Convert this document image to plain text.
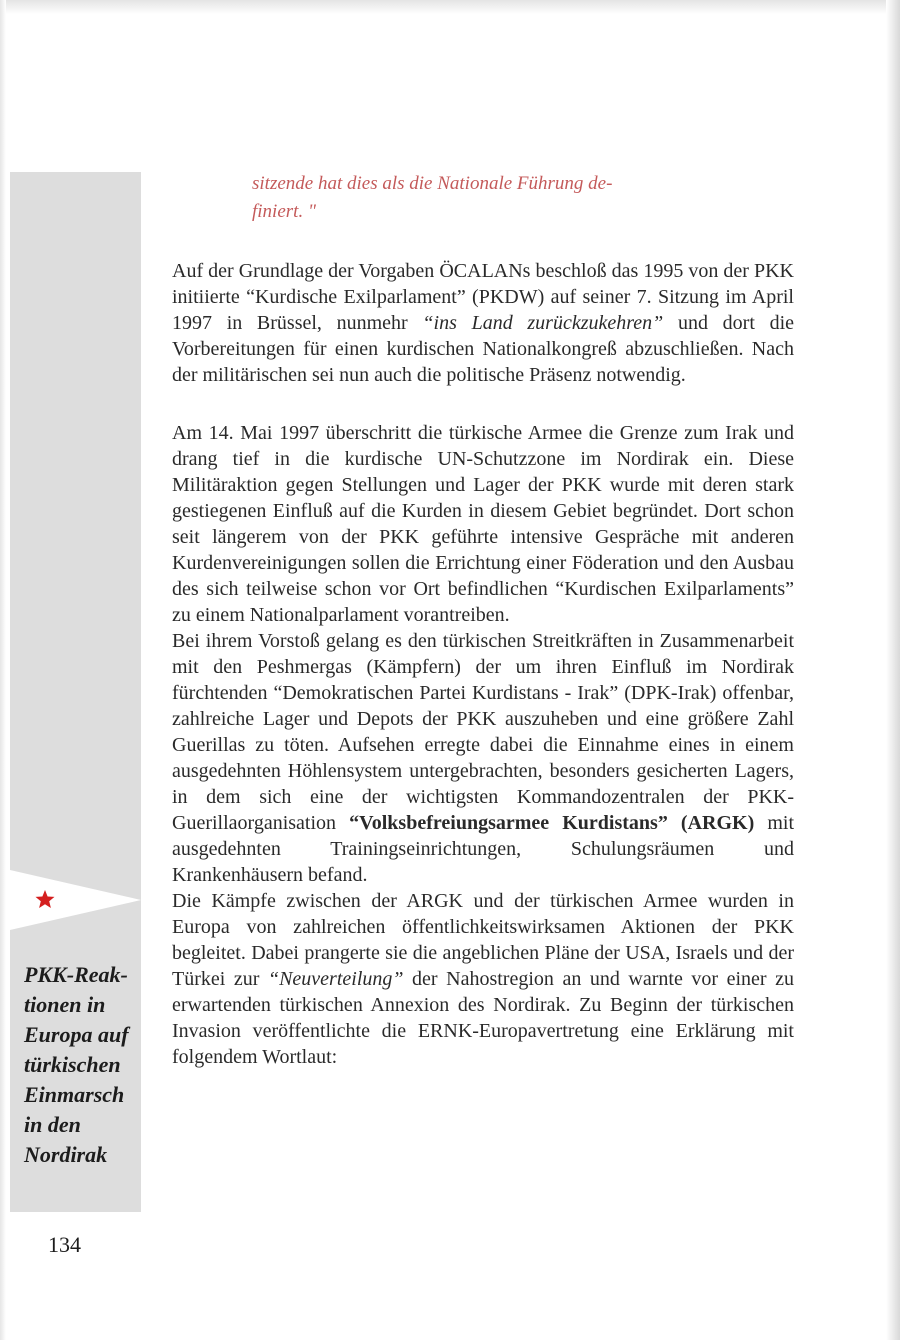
PKK-Reak-
tionen in
Europa auf
türkischen
Einmarsch
in den
Nordirak

sitzende hat dies als die Nationale Führung de-
finiert. "

Auf der Grundlage der Vorgaben ÖCALANs beschloß das 1995 von der PKK initiierte “Kurdische Exilparlament” (PKDW) auf seiner 7. Sitzung im April 1997 in Brüssel, nunmehr “ins Land zurückzukehren” und dort die Vorbereitungen für einen kurdischen Nationalkongreß abzuschließen. Nach der militärischen sei nun auch die politische Präsenz notwendig.

Am 14. Mai 1997 überschritt die türkische Armee die Grenze zum Irak und drang tief in die kurdische UN-Schutzzone im Nordirak ein. Diese Militäraktion gegen Stellungen und Lager der PKK wurde mit deren stark gestiegenen Einfluß auf die Kurden in diesem Gebiet begründet. Dort schon seit längerem von der PKK geführte intensive Gespräche mit anderen Kurdenvereinigungen sollen die Errichtung einer Föderation und den Ausbau des sich teilweise schon vor Ort befindlichen “Kurdischen Exilparlaments” zu einem Nationalparlament vorantreiben.

Bei ihrem Vorstoß gelang es den türkischen Streitkräften in Zusammenarbeit mit den Peshmergas (Kämpfern) der um ihren Einfluß im Nordirak fürchtenden “Demokratischen Partei Kurdistans - Irak” (DPK-Irak) offenbar, zahlreiche Lager und Depots der PKK auszuheben und eine größere Zahl Guerillas zu töten. Aufsehen erregte dabei die Einnahme eines in einem ausgedehnten Höhlensystem untergebrachten, besonders gesicherten Lagers, in dem sich eine der wichtigsten Kommandozentralen der PKK-Guerillaorganisation “Volksbefreiungsarmee Kurdistans” (ARGK) mit ausgedehnten Trainingseinrichtungen, Schulungsräumen und Krankenhäusern befand.

Die Kämpfe zwischen der ARGK und der türkischen Armee wurden in Europa von zahlreichen öffentlichkeitswirksamen Aktionen der PKK begleitet. Dabei prangerte sie die angeblichen Pläne der USA, Israels und der Türkei zur “Neuverteilung” der Nahostregion an und warnte vor einer zu erwartenden türkischen Annexion des Nordirak. Zu Beginn der türkischen Invasion veröffentlichte die ERNK-Europavertretung eine Erklärung mit folgendem Wortlaut:

134
